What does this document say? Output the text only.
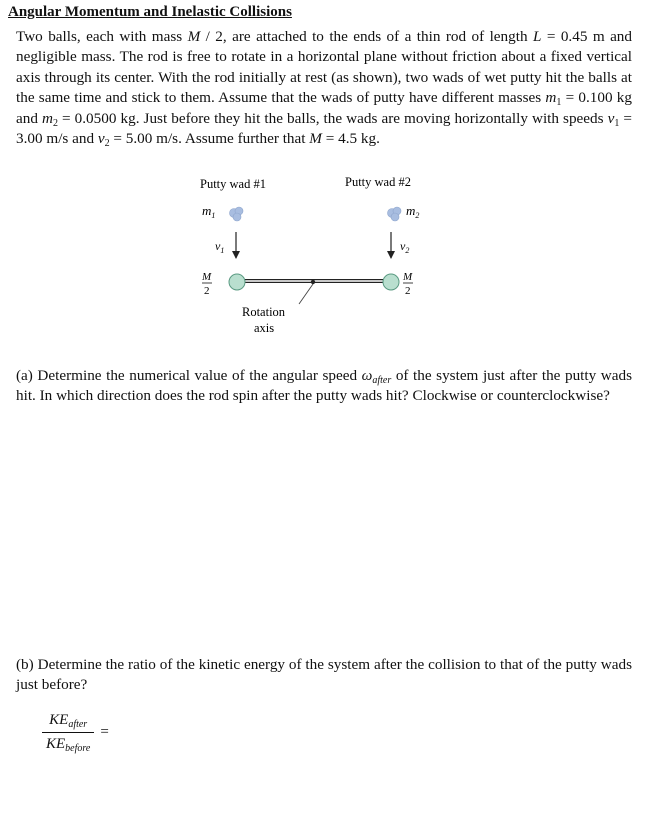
Angular Momentum and Inelastic Collisions
Two balls, each with mass M / 2, are attached to the ends of a thin rod of length L = 0.45 m and negligible mass. The rod is free to rotate in a horizontal plane without friction about a fixed vertical axis through its center. With the rod initially at rest (as shown), two wads of wet putty hit the balls at the same time and stick to them. Assume that the wads of putty have different masses $m_1 = 0.100$ kg and $m_2 = 0.0500$ kg. Just before they hit the balls, the wads are moving horizontally with speeds $v_1 = 3.00$ m/s and $v_2 = 5.00$ m/s. Assume further that M = 4.5 kg.
Putty wad #1	Putty wad #2
$m_1$	$m_2$
$v_1$	$v_2$
M
2
M
2
Rotation
axis
(a) Determine the numerical value of the angular speed $\omega_{after}$ of the system just after the putty wads hit. In which direction does the rod spin after the putty wads hit? Clockwise or counterclockwise?
(b) Determine the ratio of the kinetic energy of the system after the collision to that of the putty wads just before?
$\frac{KE_{after}}{KE_{before}}$ =
